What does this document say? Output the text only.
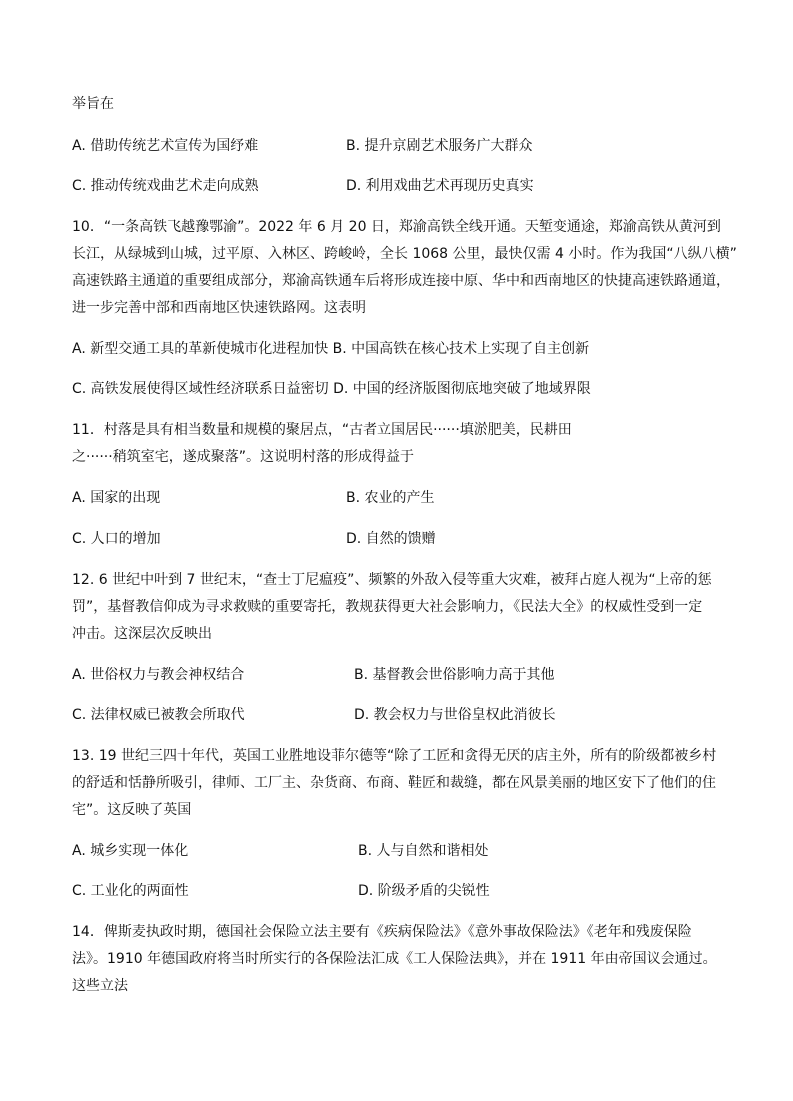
举旨在
A. 借助传统艺术宣传为国纾难	B. 提升京剧艺术服务广大群众
C. 推动传统戏曲艺术走向成熟	D. 利用戏曲艺术再现历史真实
10．“一条高铁飞越豫鄂渝”。2022 年 6 月 20 日，郑渝高铁全线开通。天堑变通途，郑渝高铁从黄河到
长江，从绿城到山城，过平原、入林区、跨峻岭，全长 1068 公里，最快仅需 4 小时。作为我国“八纵八横”
高速铁路主通道的重要组成部分，郑渝高铁通车后将形成连接中原、华中和西南地区的快捷高速铁路通道，
进一步完善中部和西南地区快速铁路网。这表明
A. 新型交通工具的革新使城市化进程加快 B. 中国高铁在核心技术上实现了自主创新
C. 高铁发展使得区域性经济联系日益密切 D. 中国的经济版图彻底地突破了地域界限
11．村落是具有相当数量和规模的聚居点，“古者立国居民······填淤肥美，民耕田
之······稍筑室宅，遂成聚落”。这说明村落的形成得益于
A. 国家的出现	B. 农业的产生
C. 人口的增加	D. 自然的馈赠
12. 6 世纪中叶到 7 世纪末，“查士丁尼瘟疫”、频繁的外敌入侵等重大灾难，被拜占庭人视为“上帝的惩
罚”，基督教信仰成为寻求救赎的重要寄托，教规获得更大社会影响力，《民法大全》的权威性受到一定
冲击。这深层次反映出
A. 世俗权力与教会神权结合	B. 基督教会世俗影响力高于其他
C. 法律权威已被教会所取代	D. 教会权力与世俗皇权此消彼长
13. 19 世纪三四十年代，英国工业胜地设菲尔德等“除了工匠和贪得无厌的店主外，所有的阶级都被乡村
的舒适和恬静所吸引，律师、工厂主、杂货商、布商、鞋匠和裁缝，都在风景美丽的地区安下了他们的住
宅”。这反映了英国
A. 城乡实现一体化	B. 人与自然和谐相处
C. 工业化的两面性	D. 阶级矛盾的尖锐性
14．俾斯麦执政时期，德国社会保险立法主要有《疾病保险法》《意外事故保险法》《老年和残废保险
法》。1910 年德国政府将当时所实行的各保险法汇成《工人保险法典》，并在 1911 年由帝国议会通过。
这些立法
